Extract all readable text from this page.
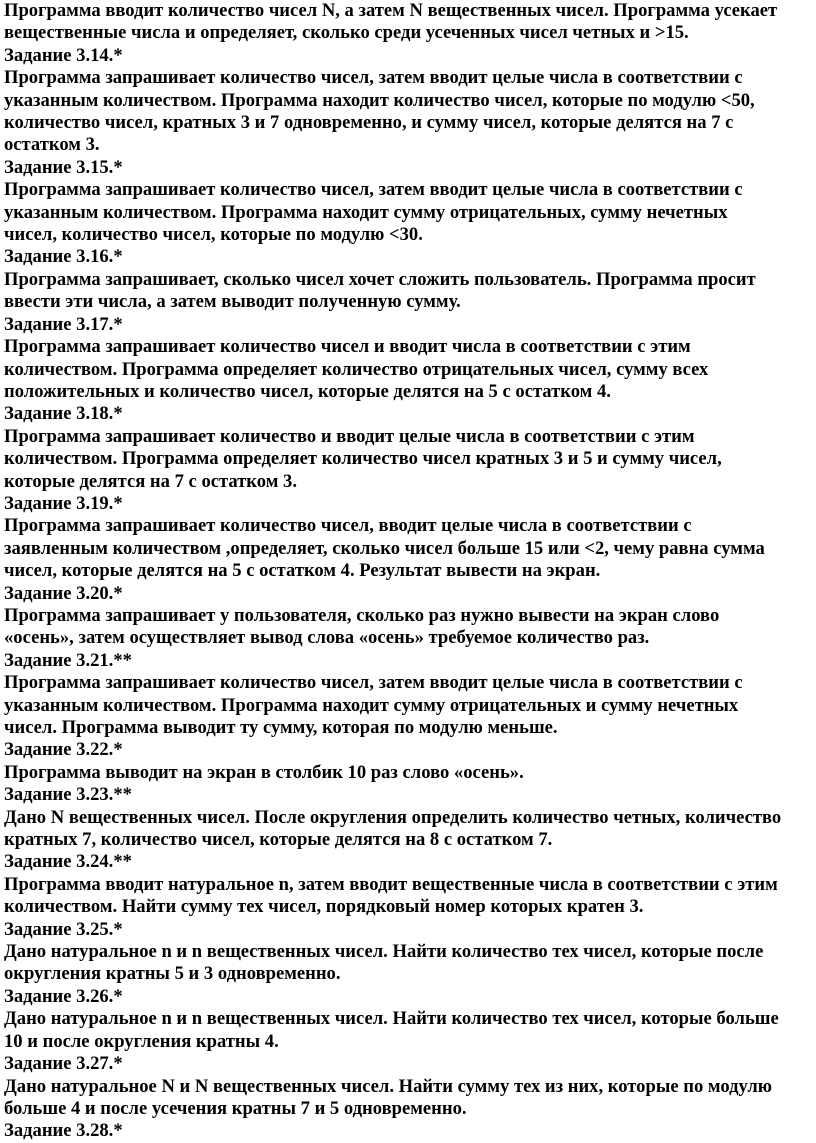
Программа вводит количество чисел N, а затем N вещественных чисел. Программа усекает

вещественные числа и определяет, сколько среди усеченных чисел четных и >15.

Задание 3.14.*

Программа запрашивает количество чисел, затем вводит целые числа в соответствии с

указанным количеством. Программа находит количество чисел, которые по модулю <50,

количество чисел, кратных 3 и 7 одновременно, и сумму чисел, которые делятся на 7 с

остатком 3.

Задание 3.15.*

Программа запрашивает количество чисел, затем вводит целые числа в соответствии с

указанным количеством. Программа находит сумму отрицательных, сумму нечетных

чисел, количество чисел, которые по модулю <30.

Задание 3.16.*

Программа запрашивает, сколько чисел хочет сложить пользователь. Программа просит

ввести эти числа, а затем выводит полученную сумму.

Задание 3.17.*

Программа запрашивает количество чисел и вводит числа в соответствии с этим

количеством. Программа определяет количество отрицательных чисел, сумму всех

положительных и количество чисел, которые делятся на 5 с остатком 4.

Задание 3.18.*

Программа запрашивает количество и вводит целые числа в соответствии с этим

количеством. Программа определяет количество чисел кратных 3 и 5 и сумму чисел,

которые делятся на 7 с остатком 3.

Задание 3.19.*

Программа запрашивает количество чисел, вводит целые числа в соответствии с

заявленным количеством ,определяет, сколько чисел больше 15 или <2, чему равна сумма

чисел, которые делятся на 5 с остатком 4. Результат вывести на экран.

Задание 3.20.*

Программа запрашивает у пользователя, сколько раз нужно вывести на экран слово

«осень», затем осуществляет вывод слова «осень» требуемое количество раз.

Задание 3.21.**

Программа запрашивает количество чисел, затем вводит целые числа в соответствии с

указанным количеством. Программа находит сумму отрицательных и сумму нечетных

чисел. Программа выводит ту сумму, которая по модулю меньше.

Задание 3.22.*

Программа выводит на экран в столбик 10 раз слово «осень».

Задание 3.23.**

Дано N вещественных чисел. После округления определить количество четных, количество

кратных 7, количество чисел, которые делятся на 8 с остатком 7.

Задание 3.24.**

Программа вводит натуральное n, затем вводит вещественные числа в соответствии с этим

количеством. Найти сумму тех чисел, порядковый номер которых кратен 3.

Задание 3.25.*

Дано натуральное n и n вещественных чисел. Найти количество тех чисел, которые после

округления кратны 5 и 3 одновременно.

Задание 3.26.*

Дано натуральное n и n вещественных чисел. Найти количество тех чисел, которые больше

10 и после округления кратны 4.

Задание 3.27.*

Дано натуральное N и N вещественных чисел. Найти сумму тех из них, которые по модулю

больше 4 и после усечения кратны 7 и 5 одновременно.

Задание 3.28.*
